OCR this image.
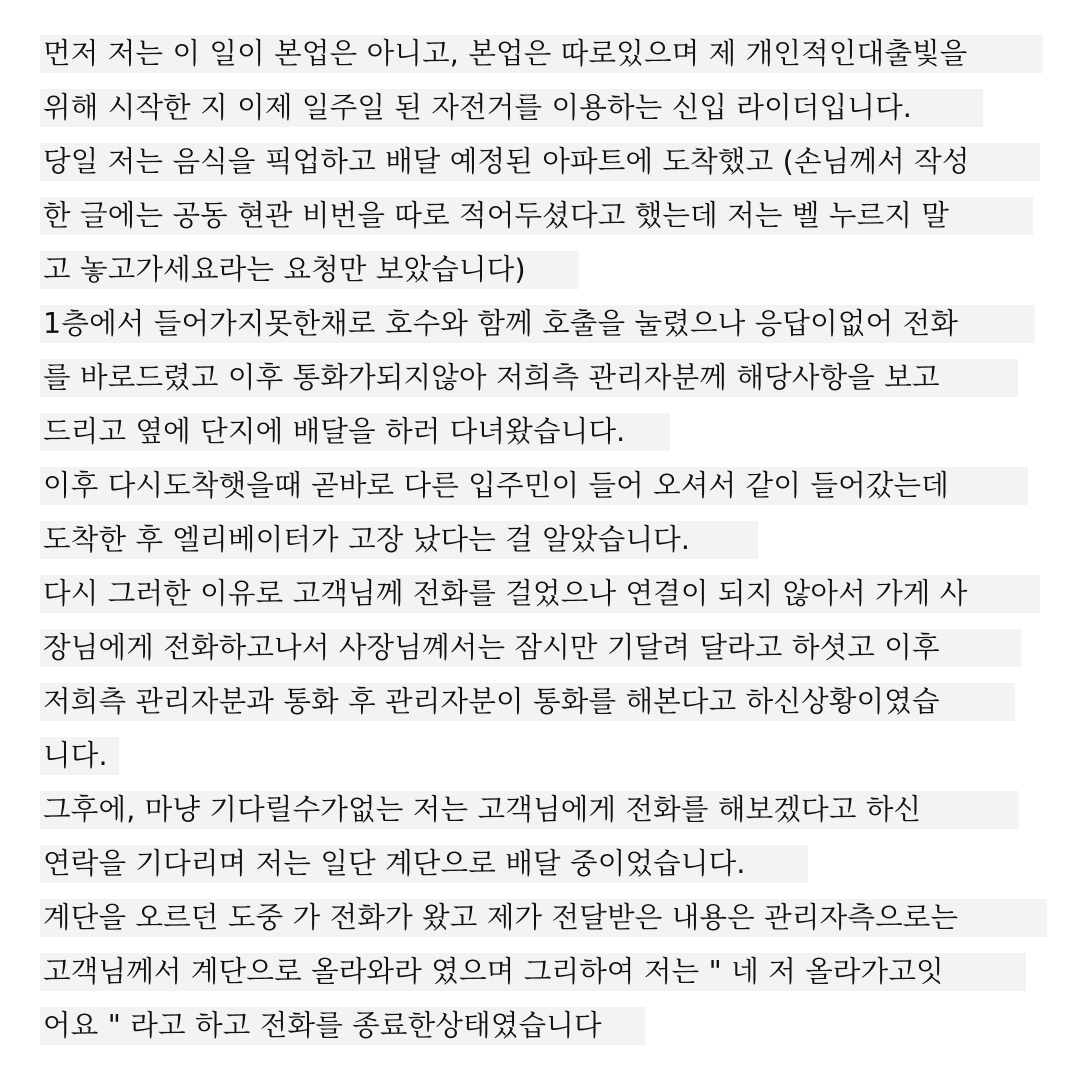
먼저 저는 이 일이 본업은 아니고, 본업은 따로있으며 제 개인적인대출빛을
위해 시작한 지 이제 일주일 된 자전거를 이용하는 신입 라이더입니다.
당일 저는 음식을 픽업하고 배달 예정된 아파트에 도착했고 (손님께서 작성
한 글에는 공동 현관 비번을 따로 적어두셨다고 했는데 저는 벨 누르지 말
고 놓고가세요라는 요청만 보았습니다)
1층에서 들어가지못한채로 호수와 함께 호출을 눌렸으나 응답이없어 전화
를 바로드렸고 이후 통화가되지않아 저희측 관리자분께 해당사항을 보고
드리고 옆에 단지에 배달을 하러 다녀왔습니다.
이후 다시도착햇을때 곧바로 다른 입주민이 들어 오셔서 같이 들어갔는데
도착한 후 엘리베이터가 고장 났다는 걸 알았습니다.
다시 그러한 이유로 고객님께 전화를 걸었으나 연결이 되지 않아서 가게 사
장님에게 전화하고나서 사장님꼐서는 잠시만 기달려 달라고 하셧고 이후
저희측 관리자분과 통화 후 관리자분이 통화를 해본다고 하신상황이였습
니다.
그후에, 마냥 기다릴수가없는 저는 고객님에게 전화를 해보겠다고 하신
연락을 기다리며 저는 일단 계단으로 배달 중이었습니다.
계단을 오르던 도중 가 전화가 왔고 제가 전달받은 내용은 관리자측으로는
고객님께서 계단으로 올라와라 였으며 그리하여 저는 " 네 저 올라가고잇
어요 " 라고 하고 전화를 종료한상태였습니다
